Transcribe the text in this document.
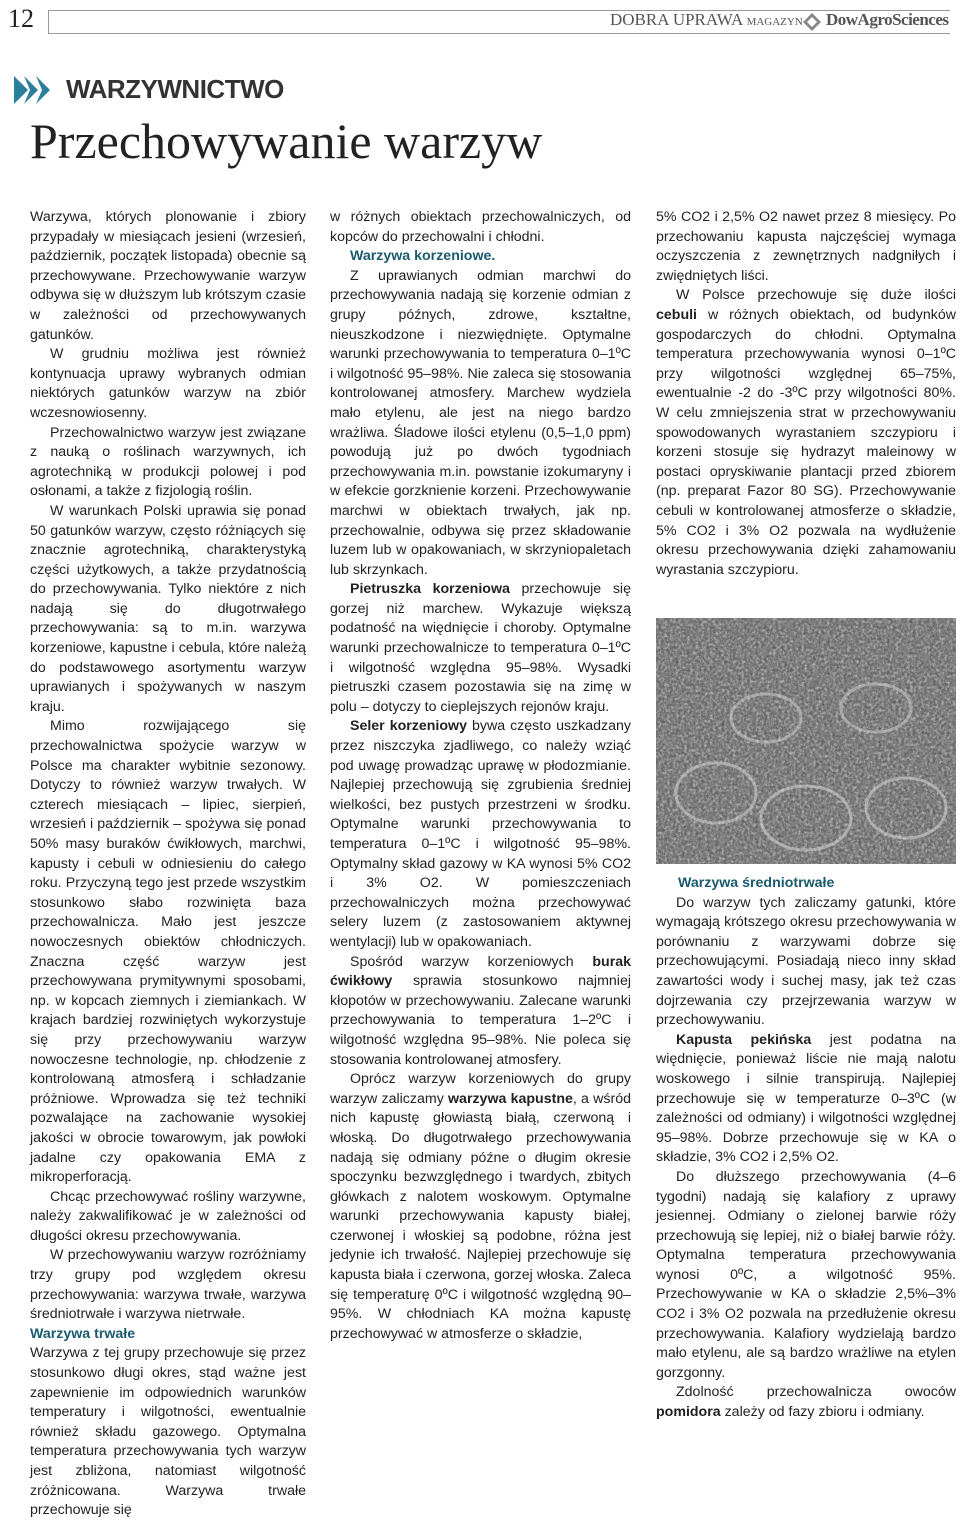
12	DOBRA UPRAWA MAGAZYN DowAgroSciences
WARZYWNICTWO
Przechowywanie warzyw

Warzywa, których plonowanie i zbiory przypadały w miesiącach jesieni (wrzesień, październik, początek listopada) obecnie są przechowywane. Przechowywanie warzyw odbywa się w dłuższym lub krótszym czasie w zależności od przechowywanych gatunków.

W grudniu możliwa jest również kontynuacja uprawy wybranych odmian niektórych gatunków warzyw na zbiór wczesnowiosenny.

Przechowalnictwo warzyw jest związane z nauką o roślinach warzywnych, ich agrotechniką w produkcji polowej i pod osłonami, a także z fizjologią roślin.

W warunkach Polski uprawia się ponad 50 gatunków warzyw, często różniących się znacznie agrotechniką, charakterystyką części użytkowych, a także przydatnością do przechowywania. Tylko niektóre z nich nadają się do długotrwałego przechowywania: są to m.in. warzywa korzeniowe, kapustne i cebula, które należą do podstawowego asortymentu warzyw uprawianych i spożywanych w naszym kraju.

Mimo rozwijającego się przechowalnictwa spożycie warzyw w Polsce ma charakter wybitnie sezonowy. Dotyczy to również warzyw trwałych. W czterech miesiącach – lipiec, sierpień, wrzesień i październik – spożywa się ponad 50% masy buraków ćwikłowych, marchwi, kapusty i cebuli w odniesieniu do całego roku. Przyczyną tego jest przede wszystkim stosunkowo słabo rozwinięta baza przechowalnicza. Mało jest jeszcze nowoczesnych obiektów chłodniczych. Znaczna część warzyw jest przechowywana prymitywnymi sposobami, np. w kopcach ziemnych i ziemiankach. W krajach bardziej rozwiniętych wykorzystuje się przy przechowywaniu warzyw nowoczesne technologie, np. chłodzenie z kontrolowaną atmosferą i schładzanie próżniowe. Wprowadza się też techniki pozwalające na zachowanie wysokiej jakości w obrocie towarowym, jak powłoki jadalne czy opakowania EMA z mikroperforacją.

Chcąc przechowywać rośliny warzywne, należy zakwalifikować je w zależności od długości okresu przechowywania.

W przechowywaniu warzyw rozróżniamy trzy grupy pod względem okresu przechowywania: warzywa trwałe, warzywa średniotrwałe i warzywa nietrwałe.

Warzywa trwałe

Warzywa z tej grupy przechowuje się przez stosunkowo długi okres, stąd ważne jest zapewnienie im odpowiednich warunków temperatury i wilgotności, ewentualnie również składu gazowego. Optymalna temperatura przechowywania tych warzyw jest zbliżona, natomiast wilgotność zróżnicowana. Warzywa trwałe przechowuje się

w różnych obiektach przechowalniczych, od kopców do przechowalni i chłodni.

Warzywa korzeniowe.

Z uprawianych odmian marchwi do przechowywania nadają się korzenie odmian z grupy późnych, zdrowe, kształtne, nieuszkodzone i niezwiędnięte. Optymalne warunki przechowywania to temperatura 0–1ºC i wilgotność 95–98%. Nie zaleca się stosowania kontrolowanej atmosfery. Marchew wydziela mało etylenu, ale jest na niego bardzo wrażliwa. Śladowe ilości etylenu (0,5–1,0 ppm) powodują już po dwóch tygodniach przechowywania m.in. powstanie izokumaryny i w efekcie gorzknienie korzeni. Przechowywanie marchwi w obiektach trwałych, jak np. przechowalnie, odbywa się przez składowanie luzem lub w opakowaniach, w skrzyniopaletach lub skrzynkach.

Pietruszka korzeniowa przechowuje się gorzej niż marchew. Wykazuje większą podatność na więdnięcie i choroby. Optymalne warunki przechowalnicze to temperatura 0–1ºC i wilgotność względna 95–98%. Wysadki pietruszki czasem pozostawia się na zimę w polu – dotyczy to cieplejszych rejonów kraju.

Seler korzeniowy bywa często uszkadzany przez niszczyka zjadliwego, co należy wziąć pod uwagę prowadząc uprawę w płodozmianie. Najlepiej przechowują się zgrubienia średniej wielkości, bez pustych przestrzeni w środku. Optymalne warunki przechowywania to temperatura 0–1ºC i wilgotność 95–98%. Optymalny skład gazowy w KA wynosi 5% CO2 i 3% O2. W pomieszczeniach przechowalniczych można przechowywać selery luzem (z zastosowaniem aktywnej wentylacji) lub w opakowaniach.

Spośród warzyw korzeniowych burak ćwikłowy sprawia stosunkowo najmniej kłopotów w przechowywaniu. Zalecane warunki przechowywania to temperatura 1–2ºC i wilgotność względna 95–98%. Nie poleca się stosowania kontrolowanej atmosfery.

Oprócz warzyw korzeniowych do grupy warzyw zaliczamy warzywa kapustne, a wśród nich kapustę głowiastą białą, czerwoną i włoską. Do długotrwałego przechowywania nadają się odmiany późne o długim okresie spoczynku bezwzględnego i twardych, zbitych główkach z nalotem woskowym. Optymalne warunki przechowywania kapusty białej, czerwonej i włoskiej są podobne, różna jest jedynie ich trwałość. Najlepiej przechowuje się kapusta biała i czerwona, gorzej włoska. Zaleca się temperaturę 0ºC i wilgotność względną 90–95%. W chłodniach KA można kapustę przechowywać w atmosferze o składzie,

5% CO2 i 2,5% O2 nawet przez 8 miesięcy. Po przechowaniu kapusta najczęściej wymaga oczyszczenia z zewnętrznych nadgniłych i zwiędniętych liści.

W Polsce przechowuje się duże ilości cebuli w różnych obiektach, od budynków gospodarczych do chłodni. Optymalna temperatura przechowywania wynosi 0–1ºC przy wilgotności względnej 65–75%, ewentualnie -2 do -3ºC przy wilgotności 80%. W celu zmniejszenia strat w przechowywaniu spowodowanych wyrastaniem szczypioru i korzeni stosuje się hydrazyt maleinowy w postaci opryskiwanie plantacji przed zbiorem (np. preparat Fazor 80 SG). Przechowywanie cebuli w kontrolowanej atmosferze o składzie, 5% CO2 i 3% O2 pozwala na wydłużenie okresu przechowywania dzięki zahamowaniu wyrastania szczypioru.

Warzywa średniotrwałe

Do warzyw tych zaliczamy gatunki, które wymagają krótszego okresu przechowywania w porównaniu z warzywami dobrze się przechowującymi. Posiadają nieco inny skład zawartości wody i suchej masy, jak też czas dojrzewania czy przejrzewania warzyw w przechowywaniu.

Kapusta pekińska jest podatna na więdnięcie, ponieważ liście nie mają nalotu woskowego i silnie transpirują. Najlepiej przechowuje się w temperaturze 0–3ºC (w zależności od odmiany) i wilgotności względnej 95–98%. Dobrze przechowuje się w KA o składzie, 3% CO2 i 2,5% O2.

Do dłuższego przechowywania (4–6 tygodni) nadają się kalafiory z uprawy jesiennej. Odmiany o zielonej barwie róży przechowują się lepiej, niż o białej barwie róży. Optymalna temperatura przechowywania wynosi 0ºC, a wilgotność 95%. Przechowywanie w KA o składzie 2,5%–3% CO2 i 3% O2 pozwala na przedłużenie okresu przechowywania. Kalafiory wydzielają bardzo mało etylenu, ale są bardzo wrażliwe na etylen gorzgonny.

Zdolność przechowalnicza owoców pomidora zależy od fazy zbioru i odmiany.
